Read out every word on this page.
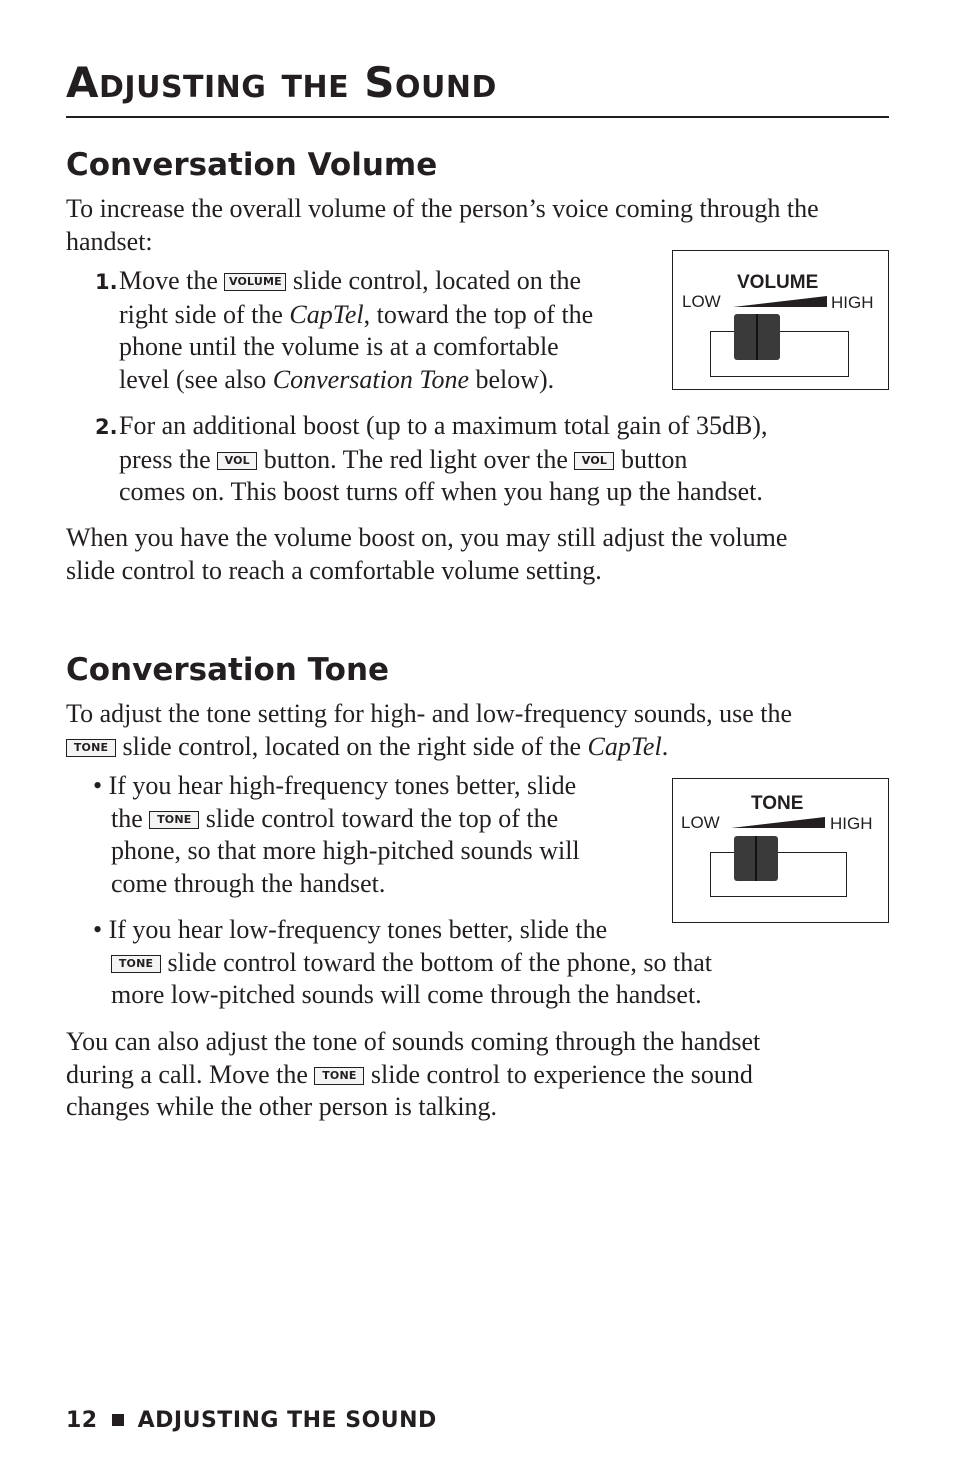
ADJUSTING THE SOUND
Conversation Volume

To increase the overall volume of the person’s voice coming through the

handset:

1.Move the VOLUME slide control, located on the

right side of the CapTel, toward the top of the

phone until the volume is at a comfortable

level (see also Conversation Tone below).

VOLUME
LOW	HIGH

2.For an additional boost (up to a maximum total gain of 35dB),

press the VOL button. The red light over the VOL button

comes on. This boost turns off when you hang up the handset.

When you have the volume boost on, you may still adjust the volume

slide control to reach a comfortable volume setting.

Conversation Tone

To adjust the tone setting for high- and low-frequency sounds, use the

TONE slide control, located on the right side of the CapTel.

• If you hear high-frequency tones better, slide

the TONE slide control toward the top of the

phone, so that more high-pitched sounds will

come through the handset.

TONE
LOW	HIGH

• If you hear low-frequency tones better, slide the

TONE slide control toward the bottom of the phone, so that

more low-pitched sounds will come through the handset.

You can also adjust the tone of sounds coming through the handset

during a call. Move the TONE slide control to experience the sound

changes while the other person is talking.

12 ADJUSTING THE SOUND
